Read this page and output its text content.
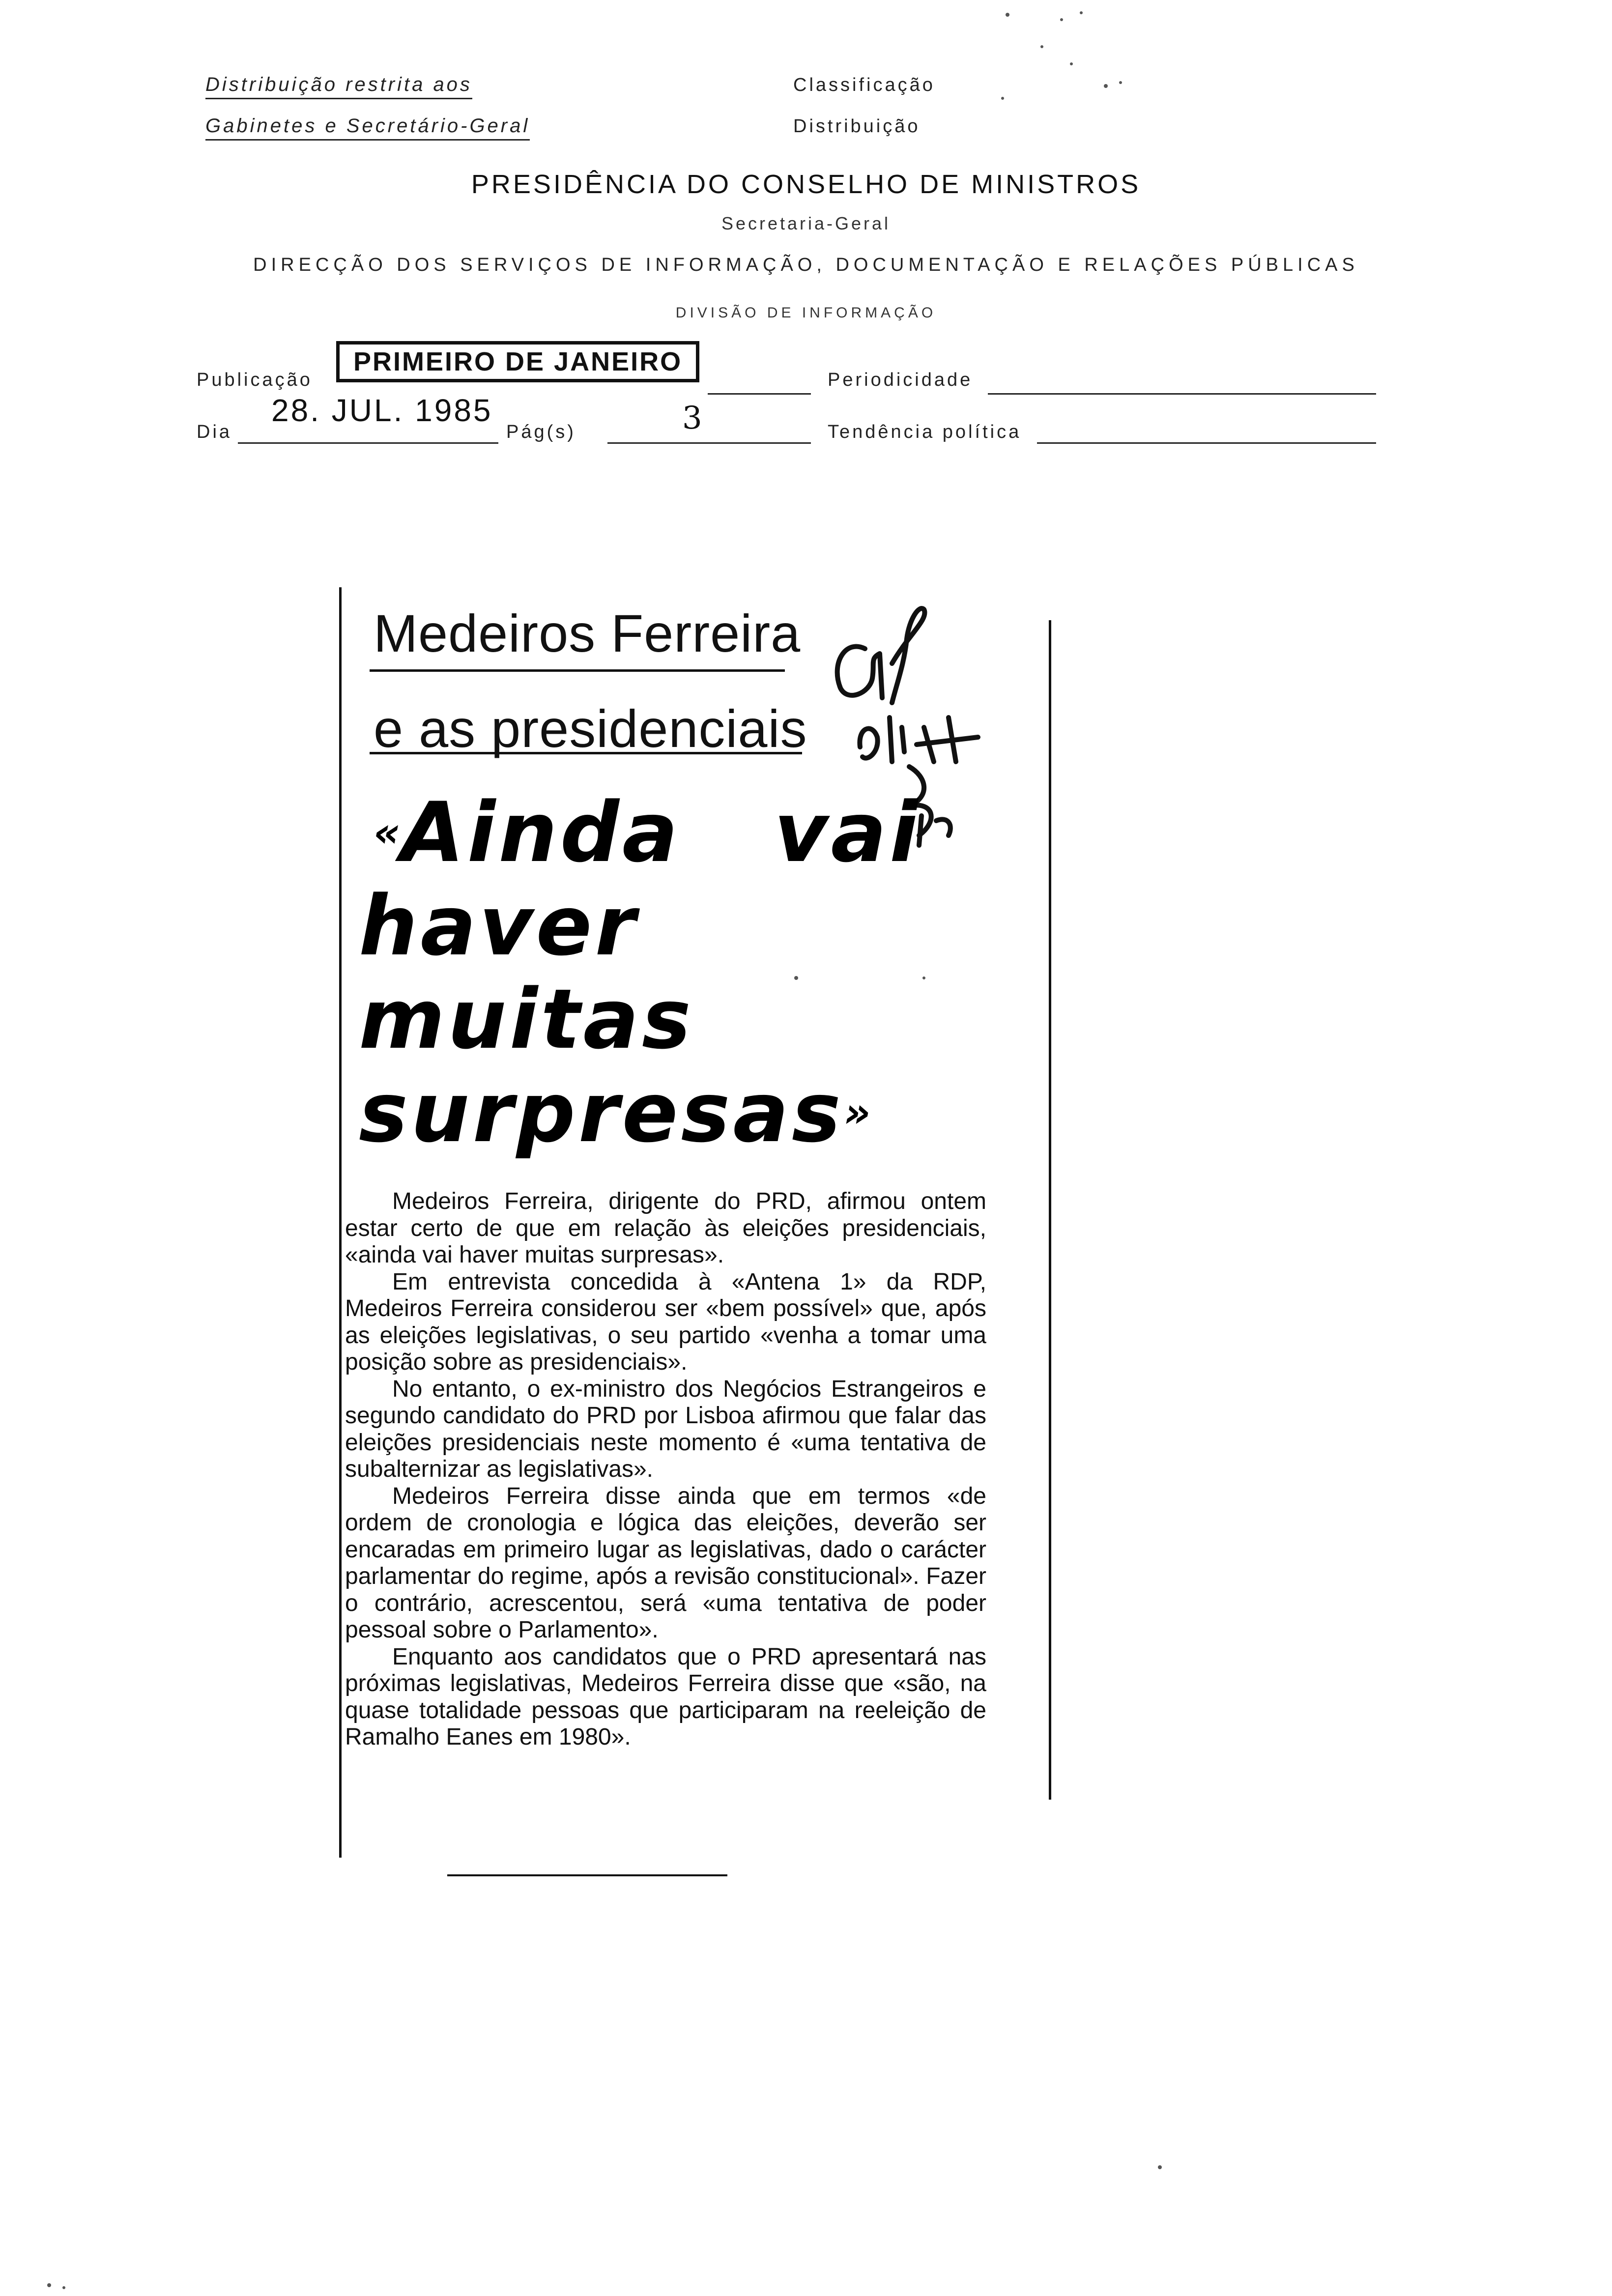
Distribuição restrita aos
Gabinetes e Secretário-Geral
Classificação
Distribuição
PRESIDÊNCIA DO CONSELHO DE MINISTROS
Secretaria-Geral
DIRECÇÃO DOS SERVIÇOS DE INFORMAÇÃO, DOCUMENTAÇÃO E RELAÇÕES PÚBLICAS
DIVISÃO DE INFORMAÇÃO
Publicação
PRIMEIRO DE JANEIRO
Periodicidade
Dia
28. JUL. 1985
Pág(s)	3	Tendência política
Medeiros Ferreira
e as presidenciais
«Ainda vai
haver
muitas
surpresas»

Medeiros Ferreira, dirigente do PRD, afirmou ontem estar certo de que em relação às eleições presidenciais, «ainda vai haver muitas surpresas».

Em entrevista concedida à «Antena 1» da RDP, Medeiros Ferreira considerou ser «bem possível» que, após as eleições legislativas, o seu partido «venha a tomar uma posição sobre as presidenciais».

No entanto, o ex-ministro dos Negócios Estrangeiros e segundo candidato do PRD por Lisboa afirmou que falar das eleições presidenciais neste momento é «uma tentativa de subalternizar as legislativas».

Medeiros Ferreira disse ainda que em termos «de ordem de cronologia e lógica das eleições, deverão ser encaradas em primeiro lugar as legislativas, dado o carácter parlamentar do regime, após a revisão constitucional». Fazer o contrário, acrescentou, será «uma tentativa de poder pessoal sobre o Parlamento».

Enquanto aos candidatos que o PRD apresentará nas próximas legislativas, Medeiros Ferreira disse que «são, na quase totalidade pessoas que participaram na reeleição de Ramalho Eanes em 1980».
